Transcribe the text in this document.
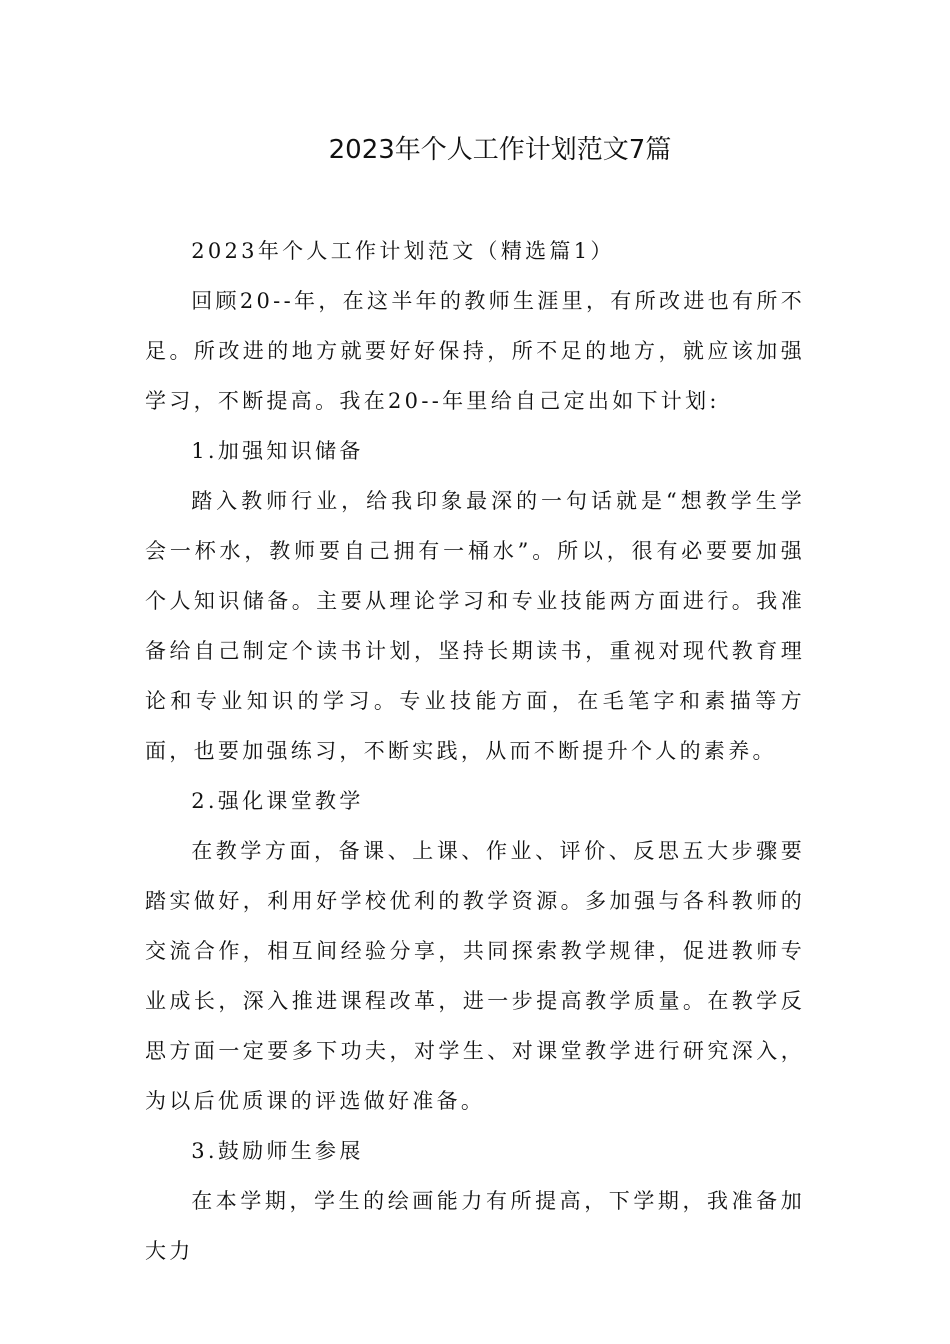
2023年个人工作计划范文7篇

2023年个人工作计划范文（精选篇1）

回顾20‐‐年，在这半年的教师生涯里，有所改进也有所不足。所改进的地方就要好好保持，所不足的地方，就应该加强学习，不断提高。我在20‐‐年里给自己定出如下计划:

1.加强知识储备

踏入教师行业，给我印象最深的一句话就是“想教学生学会一杯水，教师要自己拥有一桶水”。所以，很有必要要加强个人知识储备。主要从理论学习和专业技能两方面进行。我准备给自己制定个读书计划，坚持长期读书，重视对现代教育理论和专业知识的学习。专业技能方面，在毛笔字和素描等方面，也要加强练习，不断实践，从而不断提升个人的素养。

2.强化课堂教学

在教学方面，备课、上课、作业、评价、反思五大步骤要踏实做好，利用好学校优利的教学资源。多加强与各科教师的交流合作，相互间经验分享，共同探索教学规律，促进教师专业成长，深入推进课程改革，进一步提高教学质量。在教学反思方面一定要多下功夫，对学生、对课堂教学进行研究深入，为以后优质课的评选做好准备。

3.鼓励师生参展

在本学期，学生的绘画能力有所提高，下学期，我准备加大力
